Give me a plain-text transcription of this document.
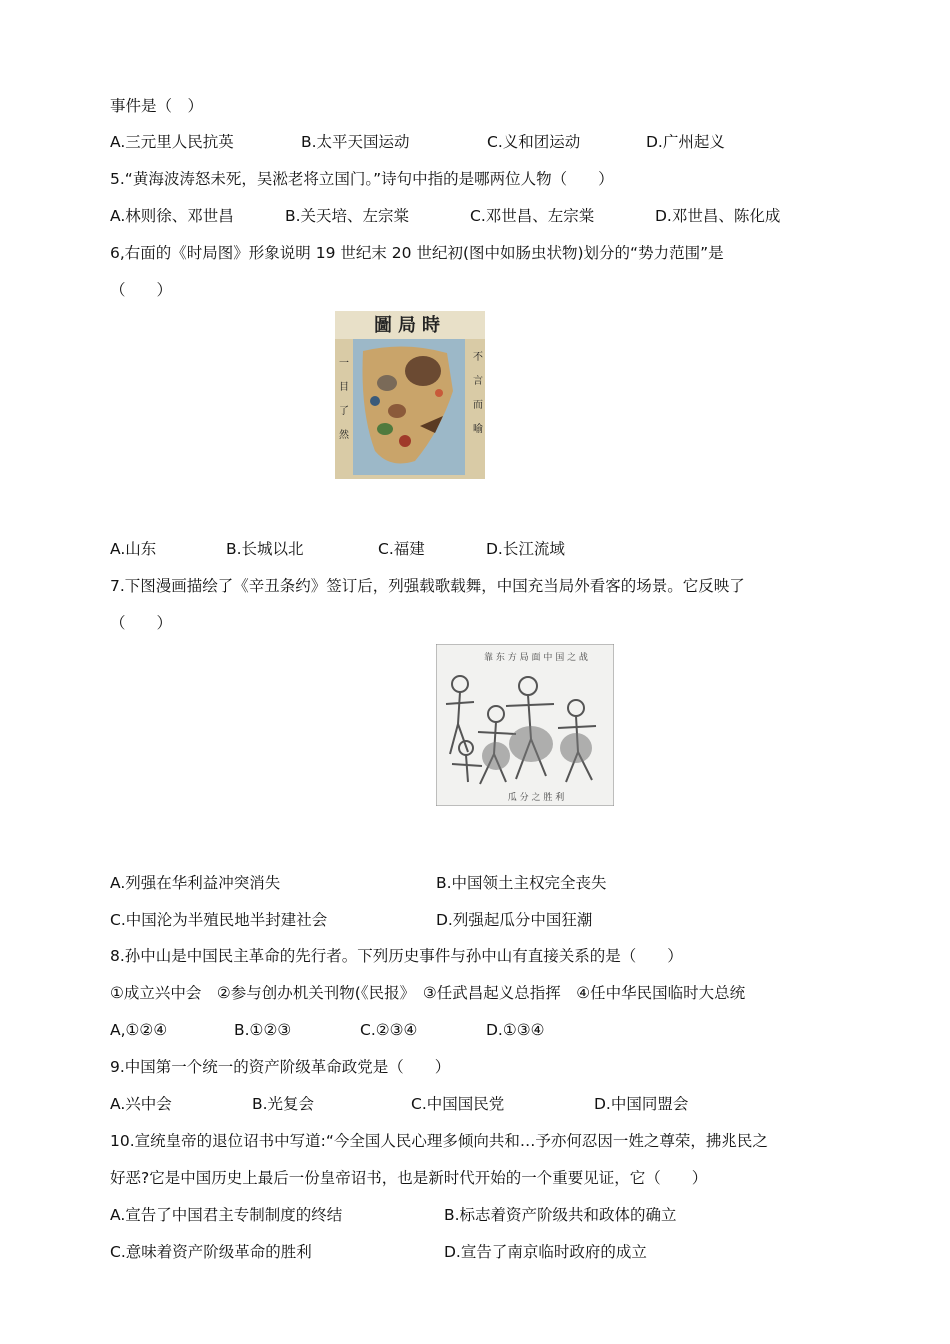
事件是（　）
A.三元里人民抗英	B.太平天国运动	C.义和团运动	D.广州起义
5.“黄海波涛怒未死，吴淞老将立国门。”诗句中指的是哪两位人物（　　）
A.林则徐、邓世昌	B.关天培、左宗棠	C.邓世昌、左宗棠	D.邓世昌、陈化成
6,右面的《时局图》形象说明 19 世纪末 20 世纪初(图中如肠虫状物)划分的“势力范围”是
（　　）
圖局時
一目了然	不言而喻
A.山东	B.长城以北	C.福建	D.长江流域
7.下图漫画描绘了《辛丑条约》签订后，列强载歌载舞，中国充当局外看客的场景。它反映了
（　　）
靠 东 方 局 面 中 国 之 战
瓜 分 之 胜 利
A.列强在华利益冲突消失	B.中国领土主权完全丧失
C.中国沦为半殖民地半封建社会	D.列强起瓜分中国狂潮
8.孙中山是中国民主革命的先行者。下列历史事件与孙中山有直接关系的是（　　）
①成立兴中会　②参与创办机关刊物(《民报》　③任武昌起义总指挥　④任中华民国临时大总统
A,①②④	B.①②③	C.②③④	D.①③④
9.中国第一个统一的资产阶级革命政党是（　　）
A.兴中会	B.光复会	C.中国国民党	D.中国同盟会
10.宣统皇帝的退位诏书中写道:“今全国人民心理多倾向共和…予亦何忍因一姓之尊荣，拂兆民之
好恶?它是中国历史上最后一份皇帝诏书，也是新时代开始的一个重要见证，它（　　）
A.宣告了中国君主专制制度的终结	B.标志着资产阶级共和政体的确立
C.意味着资产阶级革命的胜利	D.宣告了南京临时政府的成立
